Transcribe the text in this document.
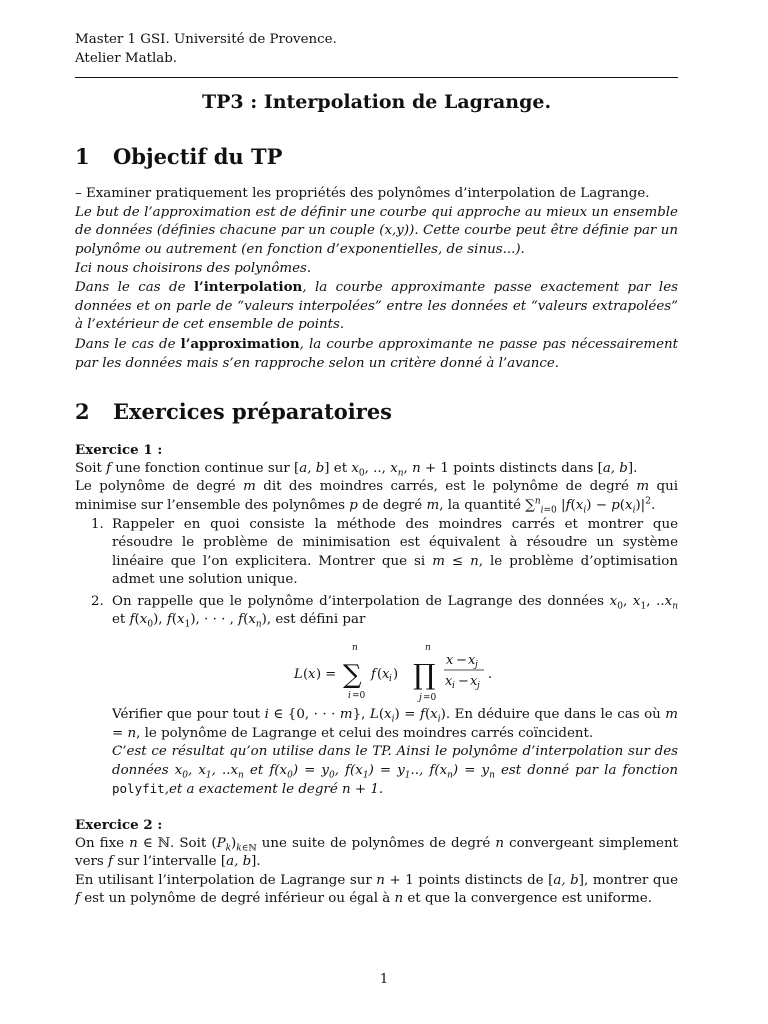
Master 1 GSI. Université de Provence.
Atelier Matlab.
TP3 : Interpolation de Lagrange.
1 Objectif du TP

– Examiner pratiquement les propriétés des polynômes d’interpolation de Lagrange.

Le but de l’approximation est de définir une courbe qui approche au mieux un ensemble de données (définies chacune par un couple (x,y)). Cette courbe peut être définie par un polynôme ou autrement (en fonction d’exponentielles, de sinus...).

Ici nous choisirons des polynômes.

Dans le cas de l’interpolation, la courbe approximante passe exactement par les données et on parle de “valeurs interpolées” entre les données et “valeurs extrapolées” à l’extérieur de cet ensemble de points.

Dans le cas de l’approximation, la courbe approximante ne passe pas nécessairement par les données mais s’en rapproche selon un critère donné à l’avance.

2 Exercices préparatoires
Exercice 1 :

Soit f une fonction continue sur [a, b] et $x_0$, .., $x_n$, n + 1 points distincts dans [a, b].

Le polynôme de degré m dit des moindres carrés, est le polynôme de degré m qui minimise sur l’ensemble des polynômes p de degré m, la quantité ∑$^n_{i=0}$ $|f(x_i) - p(x_i)|^2$.

1. Rappeler en quoi consiste la méthode des moindres carrés et montrer que résoudre le problème de minimisation est équivalent à résoudre un système linéaire que l’on explicitera. Montrer que si m ≤ n, le problème d’optimisation admet une solution unique.
2. On rappelle que le polynôme d’interpolation de Lagrange des données $x_0$, $x_1$, $..x_n$ et $f(x_0)$, $f(x_1)$, · · · , $f(x_n)$, est défini par
L ( x ) =
n
∑
i =0
f ( x i )
n
∏
j =0
x − x j
x i − x j
.
Vérifier que pour tout i ∈ {0, · · · m}, $L(x_i) = f(x_i)$. En déduire que dans le cas où m = n, le polynôme de Lagrange et celui des moindres carrés coïncident.
C’est ce résultat qu’on utilise dans le TP. Ainsi le polynôme d’interpolation sur des données $x_0$, $x_1$, $..x_n$ et $f(x_0) = y_0$, $f(x_1) = y_1$.., $f(x_n) = y_n$ est donné par la fonction polyfit,et a exactement le degré n + 1.
Exercice 2 :

On fixe n ∈ ℕ. Soit $(P_k)_{k\in ℕ}$ une suite de polynômes de degré n convergeant simplement vers f sur l’intervalle [a, b].

En utilisant l’interpolation de Lagrange sur n + 1 points distincts de [a, b], montrer que f est un polynôme de degré inférieur ou égal à n et que la convergence est uniforme.

1
